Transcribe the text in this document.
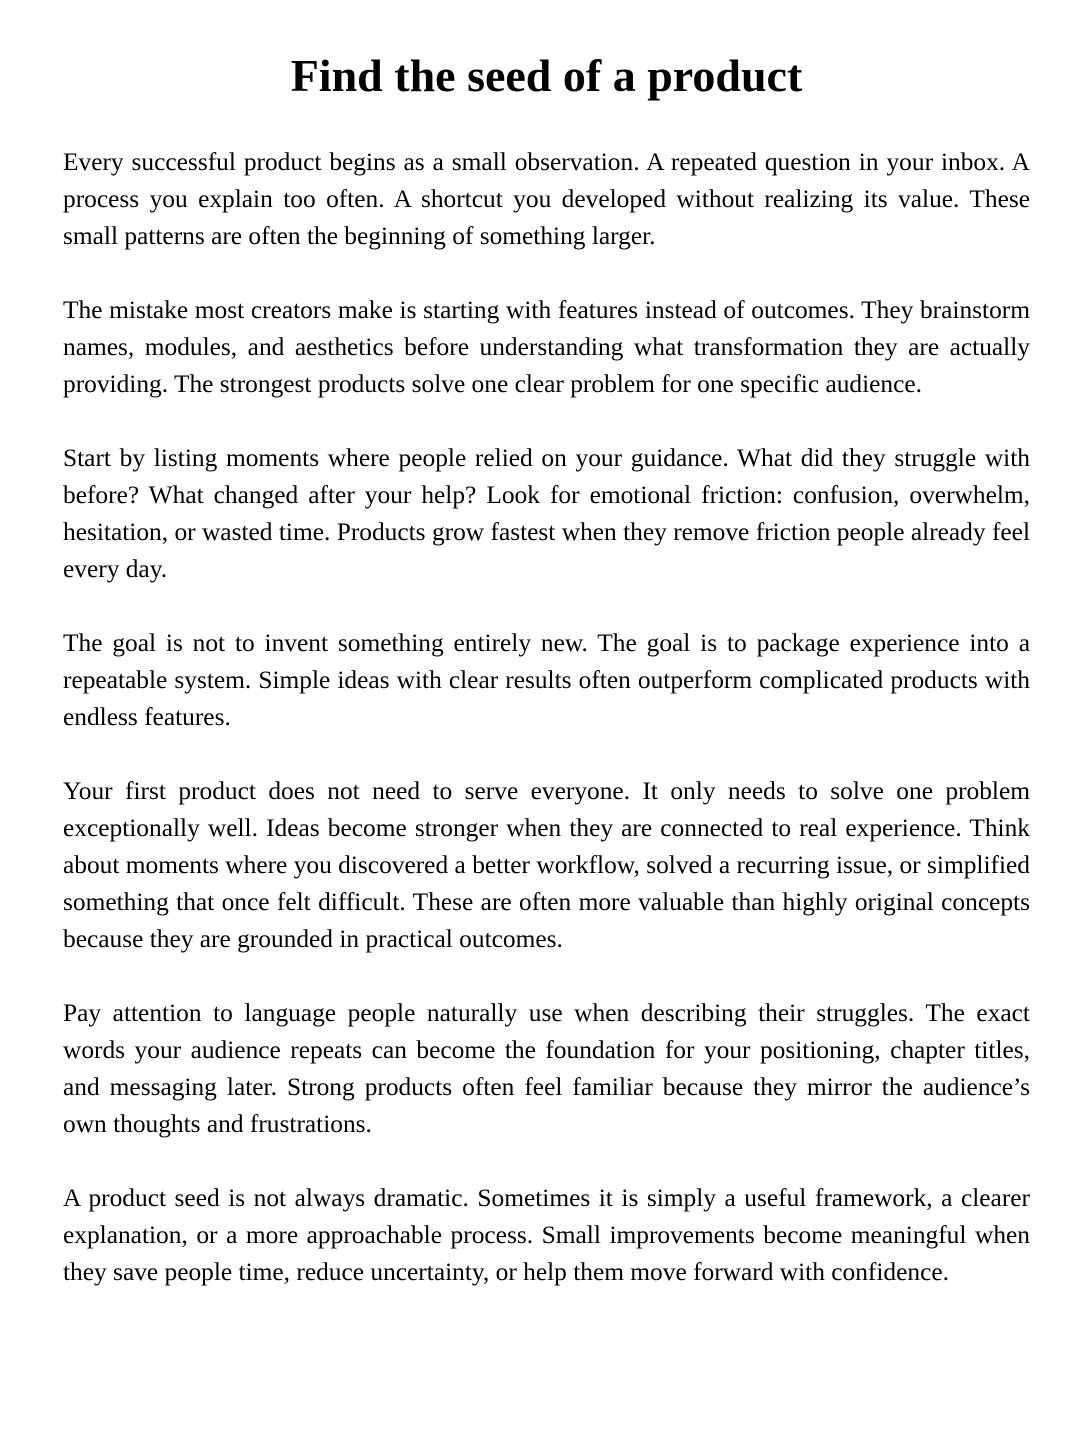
Find the seed of a product

Every successful product begins as a small observation. A repeated question in your inbox. A process you explain too often. A shortcut you developed without realizing its value. These small patterns are often the beginning of something larger.

The mistake most creators make is starting with features instead of outcomes. They brainstorm names, modules, and aesthetics before understanding what transformation they are actually providing. The strongest products solve one clear problem for one specific audience.

Start by listing moments where people relied on your guidance. What did they struggle with before? What changed after your help? Look for emotional friction: confusion, overwhelm, hesitation, or wasted time. Products grow fastest when they remove friction people already feel every day.

The goal is not to invent something entirely new. The goal is to package experience into a repeatable system. Simple ideas with clear results often outperform complicated products with endless features.

Your first product does not need to serve everyone. It only needs to solve one problem exceptionally well. Ideas become stronger when they are connected to real experience. Think about moments where you discovered a better workflow, solved a recurring issue, or simplified something that once felt difficult. These are often more valuable than highly original concepts because they are grounded in practical outcomes.

Pay attention to language people naturally use when describing their struggles. The exact words your audience repeats can become the foundation for your positioning, chapter titles, and messaging later. Strong products often feel familiar because they mirror the audience’s own thoughts and frustrations.

A product seed is not always dramatic. Sometimes it is simply a useful framework, a clearer explanation, or a more approachable process. Small improvements become meaningful when they save people time, reduce uncertainty, or help them move forward with confidence.
